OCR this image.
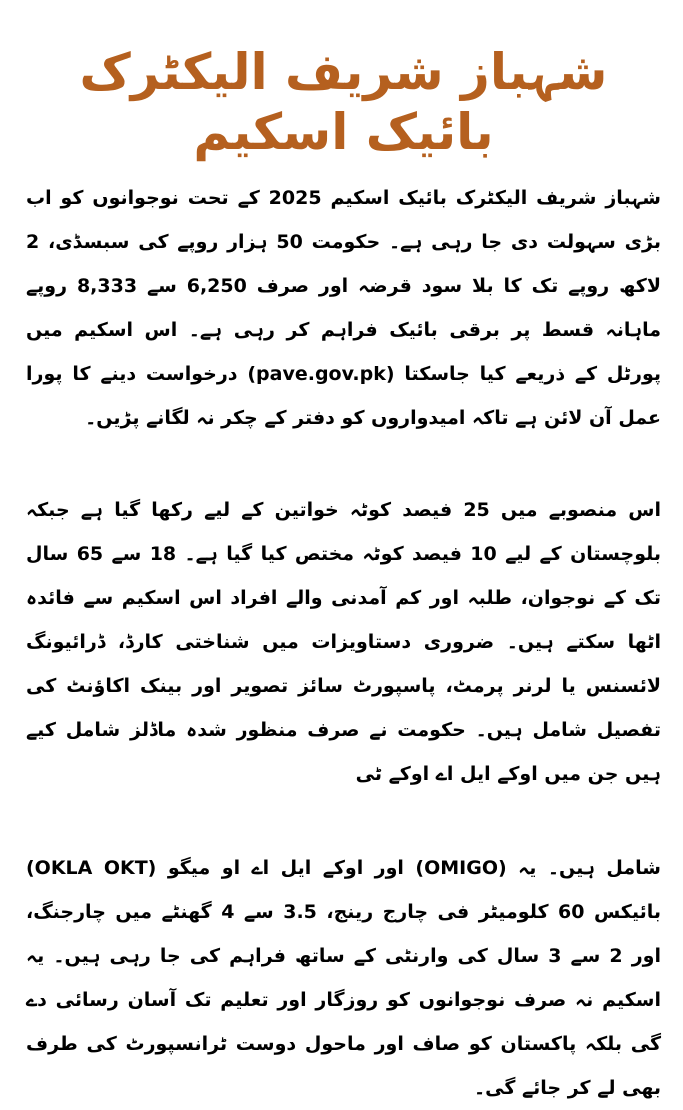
شہباز شریف الیکٹرک بائیک اسکیم

شہباز شریف الیکٹرک بائیک اسکیم 2025 کے تحت نوجوانوں کو اب بڑی سہولت دی جا رہی ہے۔ حکومت 50 ہزار روپے کی سبسڈی، 2 لاکھ روپے تک کا بلا سود قرضہ اور صرف 6,250 سے 8,333 روپے ماہانہ قسط پر برقی بائیک فراہم کر رہی ہے۔ اس اسکیم میں پورٹل کے ذریعے کیا جاسکتا (pave.gov.pk) درخواست دینے کا پورا عمل آن لائن ہے تاکہ امیدواروں کو دفتر کے چکر نہ لگانے پڑیں۔

اس منصوبے میں 25 فیصد کوٹہ خواتین کے لیے رکھا گیا ہے جبکہ بلوچستان کے لیے 10 فیصد کوٹہ مختص کیا گیا ہے۔ 18 سے 65 سال تک کے نوجوان، طلبہ اور کم آمدنی والے افراد اس اسکیم سے فائدہ اٹھا سکتے ہیں۔ ضروری دستاویزات میں شناختی کارڈ، ڈرائیونگ لائسنس یا لرنر پرمٹ، پاسپورٹ سائز تصویر اور بینک اکاؤنٹ کی تفصیل شامل ہیں۔ حکومت نے صرف منظور شدہ ماڈلز شامل کیے ہیں جن میں اوکے ایل اے اوکے ٹی

(OKLA OKT) اور اوکے ایل اے او میگو (OMIGO) شامل ہیں۔ یہ بائیکس 60 کلومیٹر فی چارج رینج، 3.5 سے 4 گھنٹے میں چارجنگ، اور 2 سے 3 سال کی وارنٹی کے ساتھ فراہم کی جا رہی ہیں۔ یہ اسکیم نہ صرف نوجوانوں کو روزگار اور تعلیم تک آسان رسائی دے گی بلکہ پاکستان کو صاف اور ماحول دوست ٹرانسپورٹ کی طرف بھی لے کر جائے گی۔
